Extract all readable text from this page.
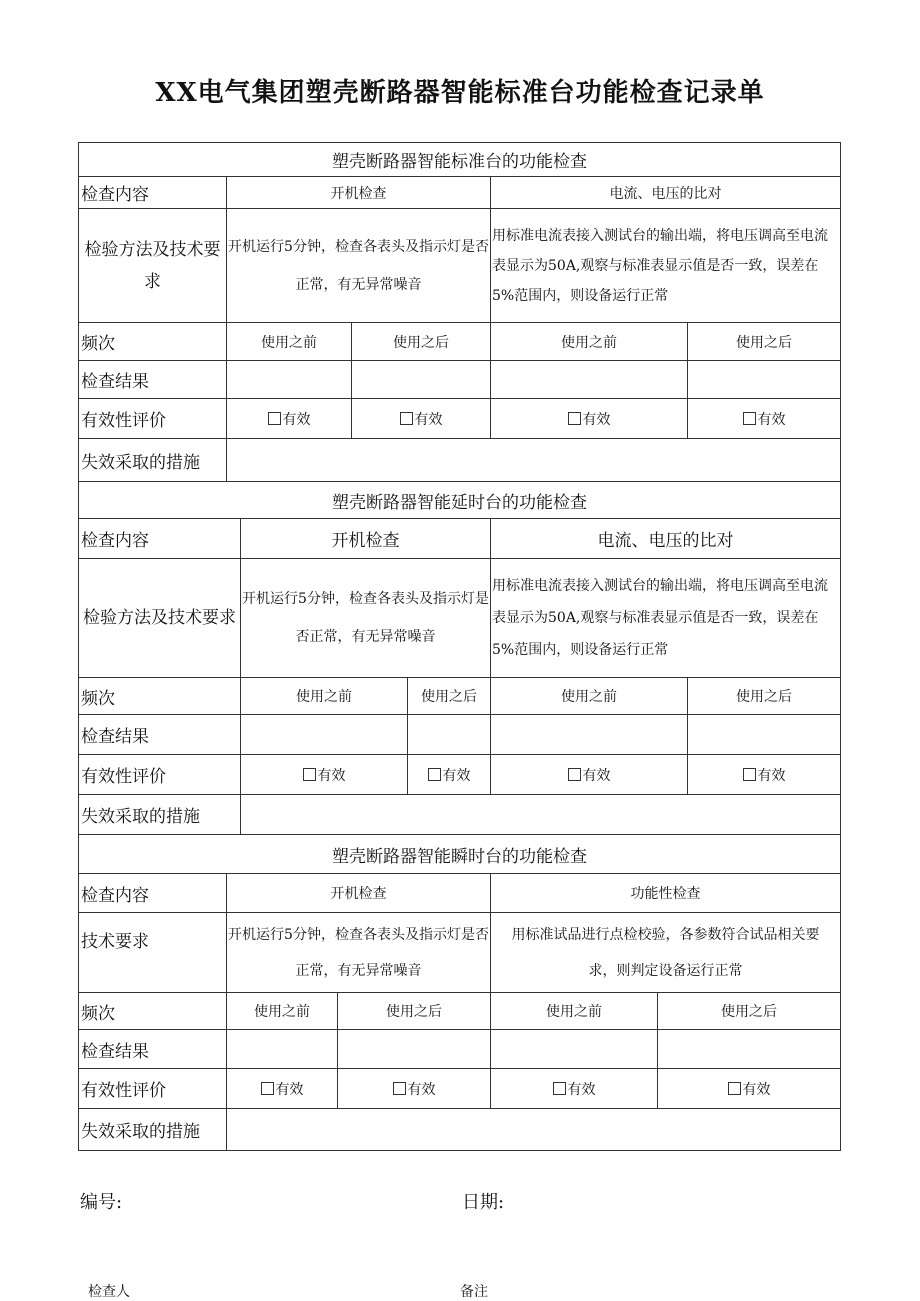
XX电气集团塑壳断路器智能标准台功能检查记录单
塑壳断路器智能标准台的功能检查				
检查内容	开机检查		电流、电压的比对	
检验方法及技术要求	开机运行5分钟，检查各表头及指示灯是否正常，有无异常噪音		用标准电流表接入测试台的输出端，将电压调高至电流表显示为50A,观察与标准表显示值是否一致，误差在5%范围内，则设备运行正常	
频次	使用之前	使用之后	使用之前	使用之后
检查结果				
有效性评价	有效	有效	有效	有效
失效采取的措施				
塑壳断路器智能延时台的功能检查				
检查内容	开机检查		电流、电压的比对	
检验方法及技术要求	开机运行5分钟，检查各表头及指示灯是否正常，有无异常噪音		用标准电流表接入测试台的输出端，将电压调高至电流表显示为50A,观察与标准表显示值是否一致，误差在5%范围内，则设备运行正常	
频次	使用之前	使用之后	使用之前	使用之后
检查结果				
有效性评价	有效	有效	有效	有效
失效采取的措施				
塑壳断路器智能瞬时台的功能检查				
检查内容	开机检查		功能性检查	
技术要求	开机运行5分钟，检查各表头及指示灯是否正常，有无异常噪音		用标准试品进行点检校验，各参数符合试品相关要求，则判定设备运行正常	
频次	使用之前	使用之后	使用之前	使用之后
检查结果				
有效性评价	有效	有效	有效	有效
失效采取的措施				
编号:	日期:
检查人	备注
